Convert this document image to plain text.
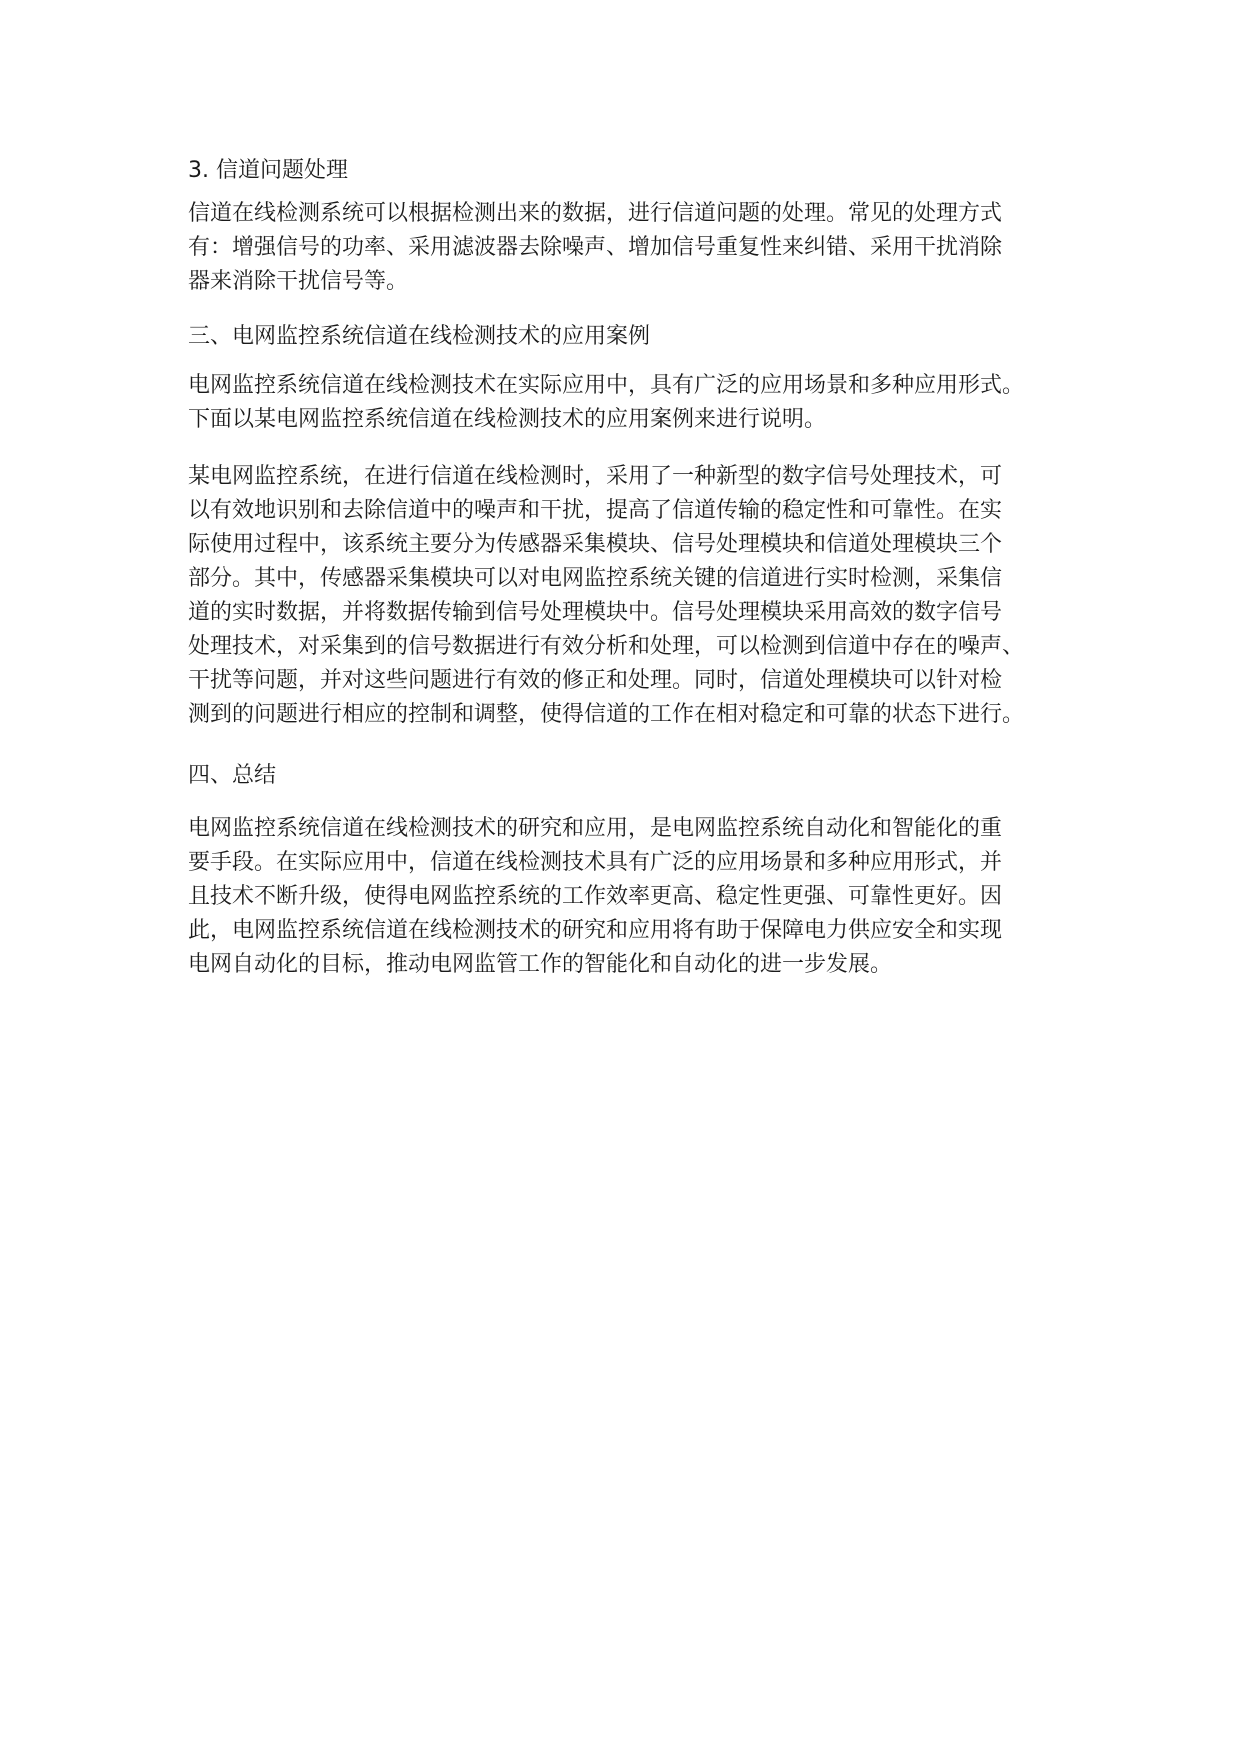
3. 信道问题处理
信道在线检测系统可以根据检测出来的数据，进行信道问题的处理。常见的处理方式
有：增强信号的功率、采用滤波器去除噪声、增加信号重复性来纠错、采用干扰消除
器来消除干扰信号等。
三、电网监控系统信道在线检测技术的应用案例
电网监控系统信道在线检测技术在实际应用中，具有广泛的应用场景和多种应用形式。
下面以某电网监控系统信道在线检测技术的应用案例来进行说明。
某电网监控系统，在进行信道在线检测时，采用了一种新型的数字信号处理技术，可
以有效地识别和去除信道中的噪声和干扰，提高了信道传输的稳定性和可靠性。在实
际使用过程中，该系统主要分为传感器采集模块、信号处理模块和信道处理模块三个
部分。其中，传感器采集模块可以对电网监控系统关键的信道进行实时检测，采集信
道的实时数据，并将数据传输到信号处理模块中。信号处理模块采用高效的数字信号
处理技术，对采集到的信号数据进行有效分析和处理，可以检测到信道中存在的噪声、
干扰等问题，并对这些问题进行有效的修正和处理。同时，信道处理模块可以针对检
测到的问题进行相应的控制和调整，使得信道的工作在相对稳定和可靠的状态下进行。
四、总结
电网监控系统信道在线检测技术的研究和应用，是电网监控系统自动化和智能化的重
要手段。在实际应用中，信道在线检测技术具有广泛的应用场景和多种应用形式，并
且技术不断升级，使得电网监控系统的工作效率更高、稳定性更强、可靠性更好。因
此，电网监控系统信道在线检测技术的研究和应用将有助于保障电力供应安全和实现
电网自动化的目标，推动电网监管工作的智能化和自动化的进一步发展。
